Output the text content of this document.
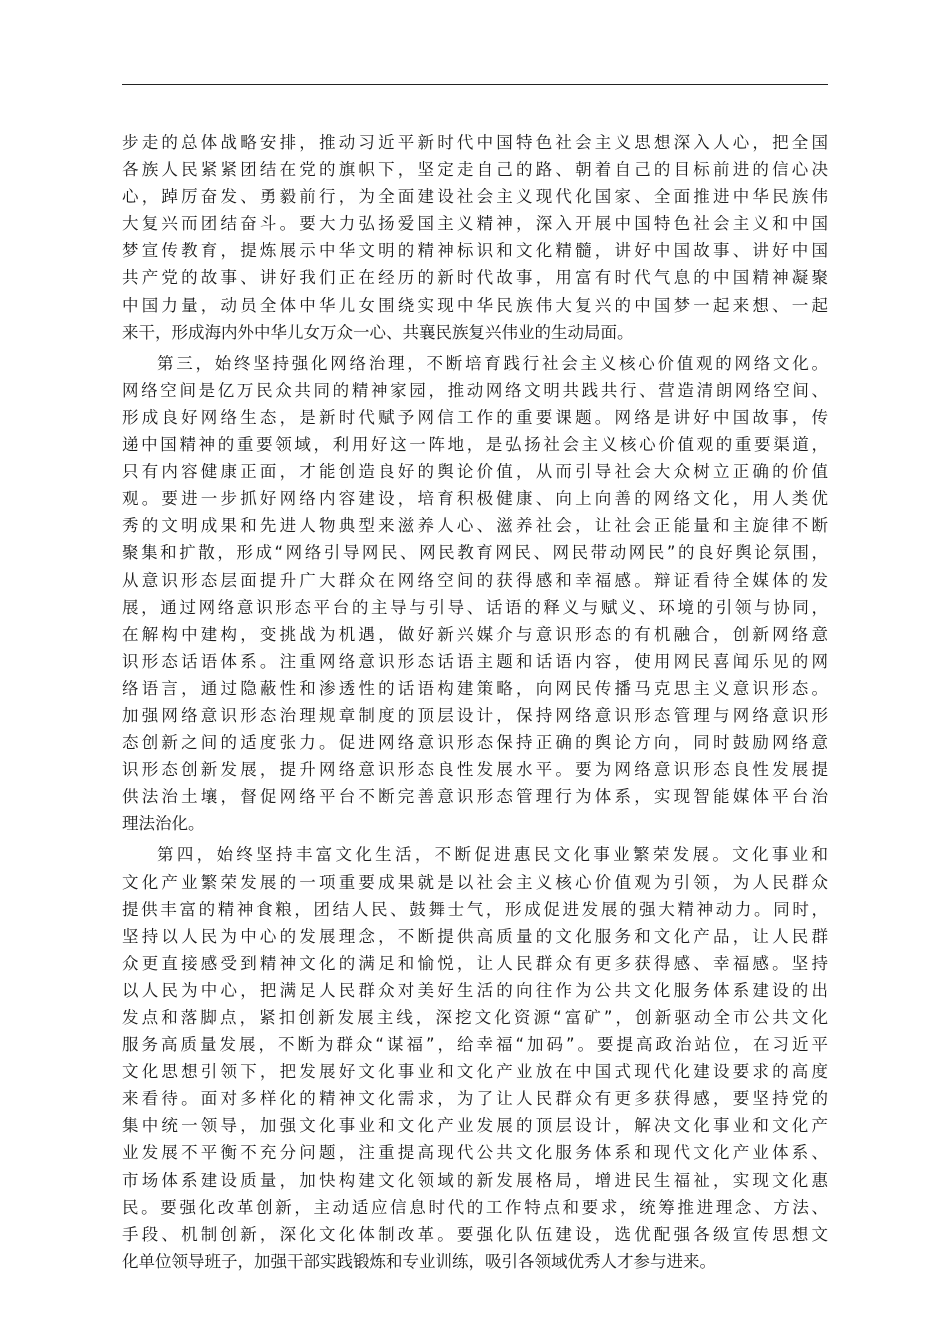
步走的总体战略安排，推动习近平新时代中国特色社会主义思想深入人心，把全国
各族人民紧紧团结在党的旗帜下，坚定走自己的路、朝着自己的目标前进的信心决
心，踔厉奋发、勇毅前行，为全面建设社会主义现代化国家、全面推进中华民族伟
大复兴而团结奋斗。要大力弘扬爱国主义精神，深入开展中国特色社会主义和中国
梦宣传教育，提炼展示中华文明的精神标识和文化精髓，讲好中国故事、讲好中国
共产党的故事、讲好我们正在经历的新时代故事，用富有时代气息的中国精神凝聚
中国力量，动员全体中华儿女围绕实现中华民族伟大复兴的中国梦一起来想、一起
来干，形成海内外中华儿女万众一心、共襄民族复兴伟业的生动局面。
第三，始终坚持强化网络治理，不断培育践行社会主义核心价值观的网络文化。
网络空间是亿万民众共同的精神家园，推动网络文明共践共行、营造清朗网络空间、
形成良好网络生态，是新时代赋予网信工作的重要课题。网络是讲好中国故事，传
递中国精神的重要领域，利用好这一阵地，是弘扬社会主义核心价值观的重要渠道，
只有内容健康正面，才能创造良好的舆论价值，从而引导社会大众树立正确的价值
观。要进一步抓好网络内容建设，培育积极健康、向上向善的网络文化，用人类优
秀的文明成果和先进人物典型来滋养人心、滋养社会，让社会正能量和主旋律不断
聚集和扩散，形成“网络引导网民、网民教育网民、网民带动网民”的良好舆论氛围，
从意识形态层面提升广大群众在网络空间的获得感和幸福感。辩证看待全媒体的发
展，通过网络意识形态平台的主导与引导、话语的释义与赋义、环境的引领与协同，
在解构中建构，变挑战为机遇，做好新兴媒介与意识形态的有机融合，创新网络意
识形态话语体系。注重网络意识形态话语主题和话语内容，使用网民喜闻乐见的网
络语言，通过隐蔽性和渗透性的话语构建策略，向网民传播马克思主义意识形态。
加强网络意识形态治理规章制度的顶层设计，保持网络意识形态管理与网络意识形
态创新之间的适度张力。促进网络意识形态保持正确的舆论方向，同时鼓励网络意
识形态创新发展，提升网络意识形态良性发展水平。要为网络意识形态良性发展提
供法治土壤，督促网络平台不断完善意识形态管理行为体系，实现智能媒体平台治
理法治化。
第四，始终坚持丰富文化生活，不断促进惠民文化事业繁荣发展。文化事业和
文化产业繁荣发展的一项重要成果就是以社会主义核心价值观为引领，为人民群众
提供丰富的精神食粮，团结人民、鼓舞士气，形成促进发展的强大精神动力。同时，
坚持以人民为中心的发展理念，不断提供高质量的文化服务和文化产品，让人民群
众更直接感受到精神文化的满足和愉悦，让人民群众有更多获得感、幸福感。坚持
以人民为中心，把满足人民群众对美好生活的向往作为公共文化服务体系建设的出
发点和落脚点，紧扣创新发展主线，深挖文化资源“富矿”，创新驱动全市公共文化
服务高质量发展，不断为群众“谋福”，给幸福“加码”。要提高政治站位，在习近平
文化思想引领下，把发展好文化事业和文化产业放在中国式现代化建设要求的高度
来看待。面对多样化的精神文化需求，为了让人民群众有更多获得感，要坚持党的
集中统一领导，加强文化事业和文化产业发展的顶层设计，解决文化事业和文化产
业发展不平衡不充分问题，注重提高现代公共文化服务体系和现代文化产业体系、
市场体系建设质量，加快构建文化领域的新发展格局，增进民生福祉，实现文化惠
民。要强化改革创新，主动适应信息时代的工作特点和要求，统筹推进理念、方法、
手段、机制创新，深化文化体制改革。要强化队伍建设，选优配强各级宣传思想文
化单位领导班子，加强干部实践锻炼和专业训练，吸引各领域优秀人才参与进来。
